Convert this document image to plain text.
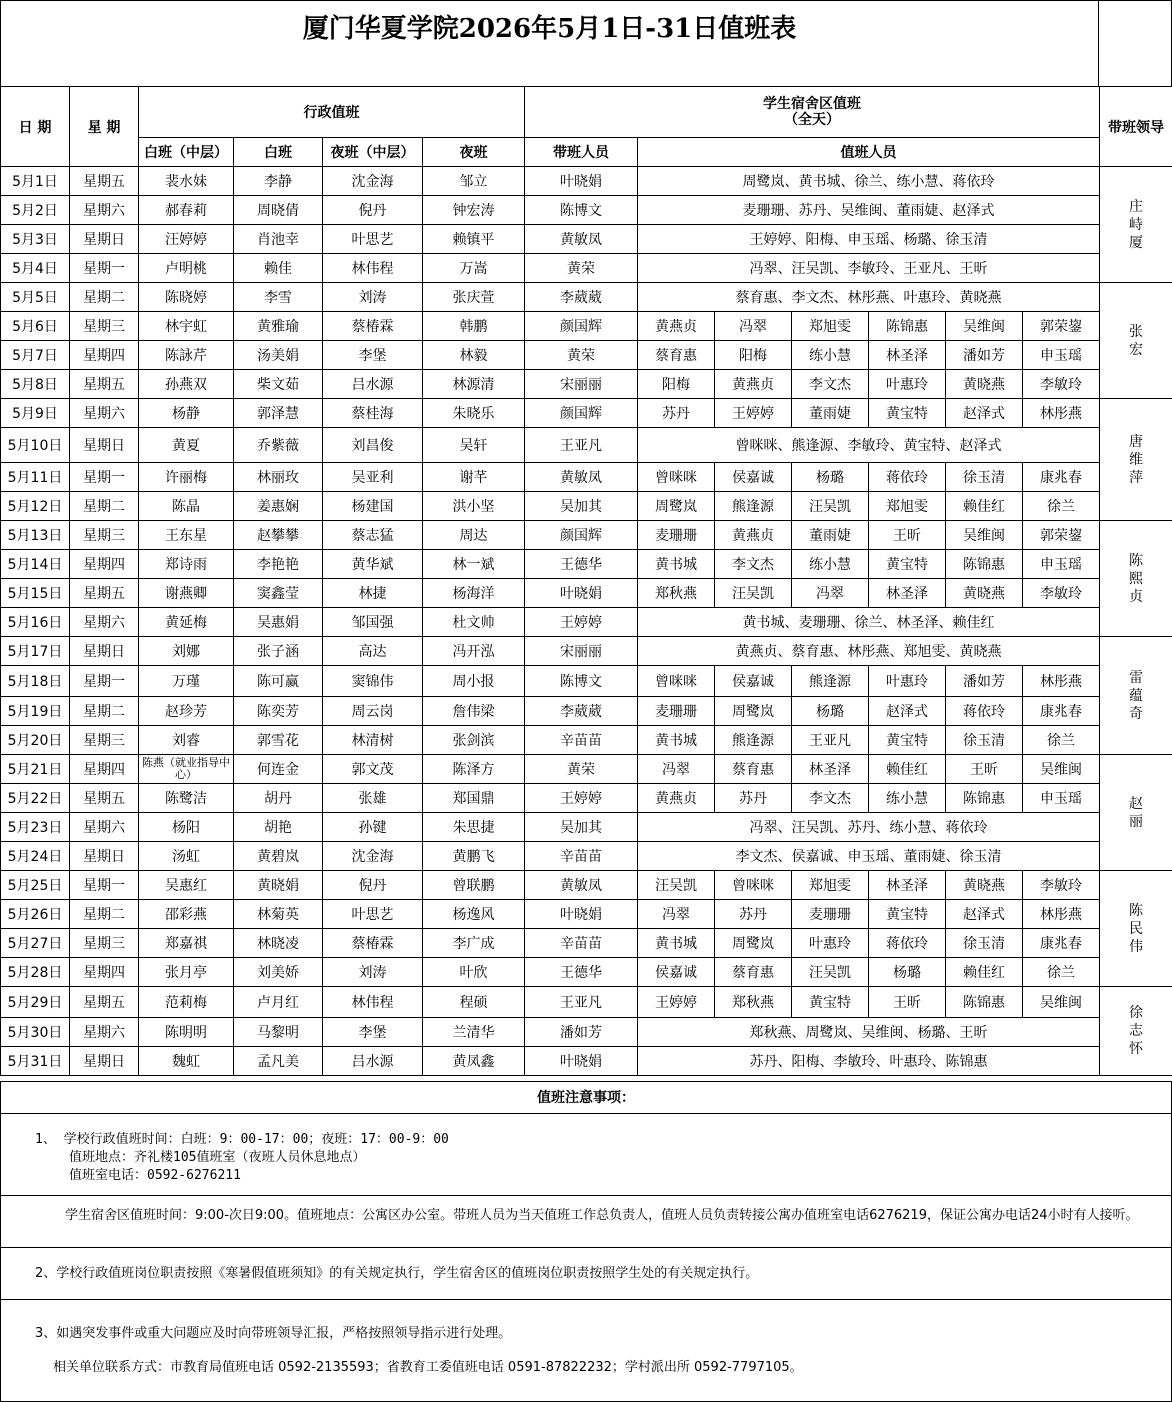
厦门华夏学院2026年5月1日-31日值班表
日 期	星 期	行政值班				学生宿舍区值班
（全天）							带班领导
		白班（中层）	白班	夜班（中层）	夜班	带班人员	值班人员						
5月1日	星期五	裴水妹	李静	沈金海	邹立	叶晓娟	周鹭岚、黄书城、徐兰、练小慧、蒋依玲						庄峙厦

5月2日	星期六	郝春莉	周晓倩	倪丹	钟宏涛	陈博文	麦珊珊、苏丹、吴维闽、董雨婕、赵泽式						
5月3日	星期日	汪婷婷	肖池幸	叶思艺	赖镇平	黄敏凤	王婷婷、阳梅、申玉瑶、杨璐、徐玉清						
5月4日	星期一	卢明桃	赖佳	林伟程	万嵩	黄荣	冯翠、汪吴凯、李敏玲、王亚凡、王昕						
5月5日	星期二	陈晓婷	李雪	刘涛	张庆萱	李葳葳	蔡育惠、李文杰、林彤燕、叶惠玲、黄晓燕						张宏

5月6日	星期三	林宇虹	黄雅瑜	蔡椿霖	韩鹏	颜国辉	黄燕贞	冯翠	郑旭雯	陈锦惠	吴维闽	郭荣鋆	
5月7日	星期四	陈詠芹	汤美娟	李堡	林毅	黄荣	蔡育惠	阳梅	练小慧	林圣泽	潘如芳	申玉瑶	
5月8日	星期五	孙燕双	柴文茹	吕水源	林源清	宋丽丽	阳梅	黄燕贞	李文杰	叶惠玲	黄晓燕	李敏玲	
5月9日	星期六	杨静	郭泽慧	蔡桂海	朱晓乐	颜国辉	苏丹	王婷婷	董雨婕	黄宝特	赵泽式	林彤燕	唐维萍

5月10日	星期日	黄夏	乔紫薇	刘昌俊	吴轩	王亚凡	曾咪咪、熊逢源、李敏玲、黄宝特、赵泽式						
5月11日	星期一	许丽梅	林丽玫	吴亚利	谢芊	黄敏凤	曾咪咪	侯嘉诚	杨璐	蒋依玲	徐玉清	康兆春	
5月12日	星期二	陈晶	姜惠娴	杨建国	洪小坚	吴加其	周鹭岚	熊逢源	汪吴凯	郑旭雯	赖佳红	徐兰	
5月13日	星期三	王东星	赵攀攀	蔡志猛	周达	颜国辉	麦珊珊	黄燕贞	董雨婕	王昕	吴维闽	郭荣鋆	陈熙贞

5月14日	星期四	郑诗雨	李艳艳	黄华斌	林一斌	王德华	黄书城	李文杰	练小慧	黄宝特	陈锦惠	申玉瑶	
5月15日	星期五	谢燕卿	窦鑫莹	林捷	杨海洋	叶晓娟	郑秋燕	汪吴凯	冯翠	林圣泽	黄晓燕	李敏玲	
5月16日	星期六	黄延梅	吴惠娟	邹国强	杜文帅	王婷婷	黄书城、麦珊珊、徐兰、林圣泽、赖佳红						
5月17日	星期日	刘娜	张子涵	高达	冯开泓	宋丽丽	黄燕贞、蔡育惠、林彤燕、郑旭雯、黄晓燕						雷蕴奇

5月18日	星期一	万瑾	陈可赢	窦锦伟	周小报	陈博文	曾咪咪	侯嘉诚	熊逢源	叶惠玲	潘如芳	林彤燕	
5月19日	星期二	赵珍芳	陈奕芳	周云岗	詹伟梁	李葳葳	麦珊珊	周鹭岚	杨璐	赵泽式	蒋依玲	康兆春	
5月20日	星期三	刘睿	郭雪花	林清树	张剑滨	辛苗苗	黄书城	熊逢源	王亚凡	黄宝特	徐玉清	徐兰	
5月21日	星期四	陈燕（就业指导中心）	何连金	郭文茂	陈泽方	黄荣	冯翠	蔡育惠	林圣泽	赖佳红	王昕	吴维闽	赵丽

5月22日	星期五	陈鹭洁	胡丹	张雄	郑国鼎	王婷婷	黄燕贞	苏丹	李文杰	练小慧	陈锦惠	申玉瑶	
5月23日	星期六	杨阳	胡艳	孙键	朱思捷	吴加其	冯翠、汪吴凯、苏丹、练小慧、蒋依玲						
5月24日	星期日	汤虹	黄碧岚	沈金海	黄鹏飞	辛苗苗	李文杰、侯嘉诚、申玉瑶、董雨婕、徐玉清						
5月25日	星期一	吴惠红	黄晓娟	倪丹	曾联鹏	黄敏凤	汪吴凯	曾咪咪	郑旭雯	林圣泽	黄晓燕	李敏玲	陈民伟

5月26日	星期二	邵彩燕	林菊英	叶思艺	杨逸风	叶晓娟	冯翠	苏丹	麦珊珊	黄宝特	赵泽式	林彤燕	
5月27日	星期三	郑嘉祺	林晓凌	蔡椿霖	李广成	辛苗苗	黄书城	周鹭岚	叶惠玲	蒋依玲	徐玉清	康兆春	
5月28日	星期四	张月亭	刘美娇	刘涛	叶欣	王德华	侯嘉诚	蔡育惠	汪吴凯	杨璐	赖佳红	徐兰	
5月29日	星期五	范莉梅	卢月红	林伟程	程硕	王亚凡	王婷婷	郑秋燕	黄宝特	王昕	陈锦惠	吴维闽	徐志怀

5月30日	星期六	陈明明	马黎明	李堡	兰清华	潘如芳	郑秋燕、周鹭岚、吴维闽、杨璐、王昕						
5月31日	星期日	魏虹	孟凡美	吕水源	黄凤鑫	叶晓娟	苏丹、阳梅、李敏玲、叶惠玲、陈锦惠						
值班注意事项：
1、 学校行政值班时间：白班：9：00-17：00；夜班：17：00-9：00
值班地点：齐礼楼105值班室（夜班人员休息地点）
值班室电话：0592-6276211
学生宿舍区值班时间：9:00-次日9:00。值班地点：公寓区办公室。带班人员为当天值班工作总负责人，值班人员负责转接公寓办值班室电话6276219，保证公寓办电话24小时有人接听。
2、学校行政值班岗位职责按照《寒暑假值班须知》的有关规定执行，学生宿舍区的值班岗位职责按照学生处的有关规定执行。
3、如遇突发事件或重大问题应及时向带班领导汇报，严格按照领导指示进行处理。
相关单位联系方式：市教育局值班电话 0592-2135593；省教育工委值班电话 0591-87822232；学村派出所 0592-7797105。
